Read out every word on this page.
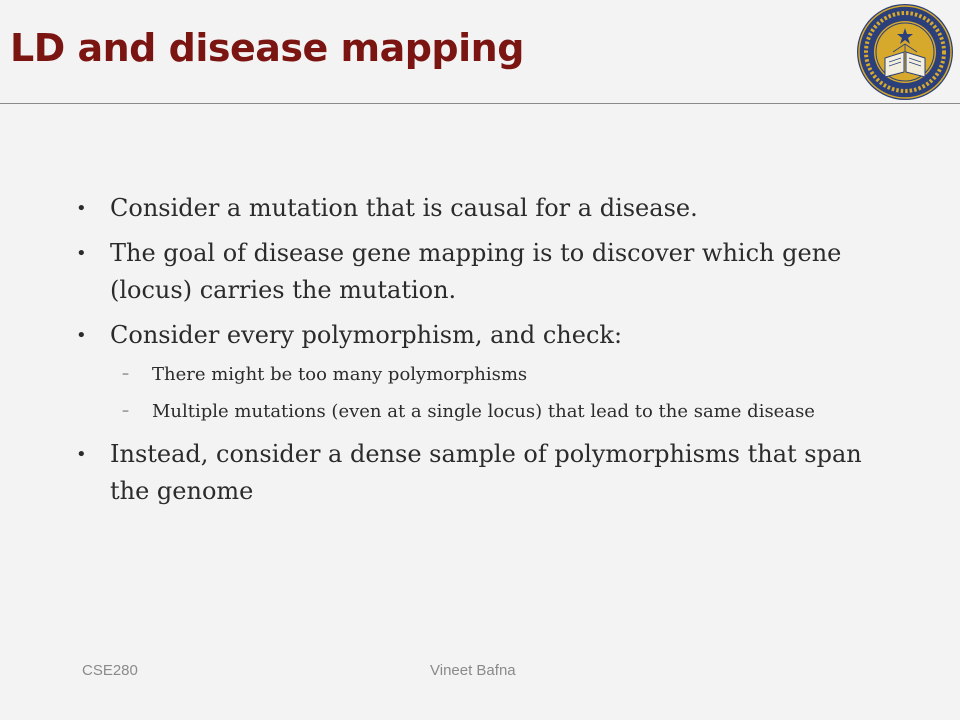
LD and disease mapping
• Consider a mutation that is causal for a disease.
• The goal of disease gene mapping is to discover which gene (locus) carries the mutation.
• Consider every polymorphism, and check:
– There might be too many polymorphisms
– Multiple mutations (even at a single locus) that lead to the same disease
• Instead, consider a dense sample of polymorphisms that span the genome
CSE280	Vineet Bafna
